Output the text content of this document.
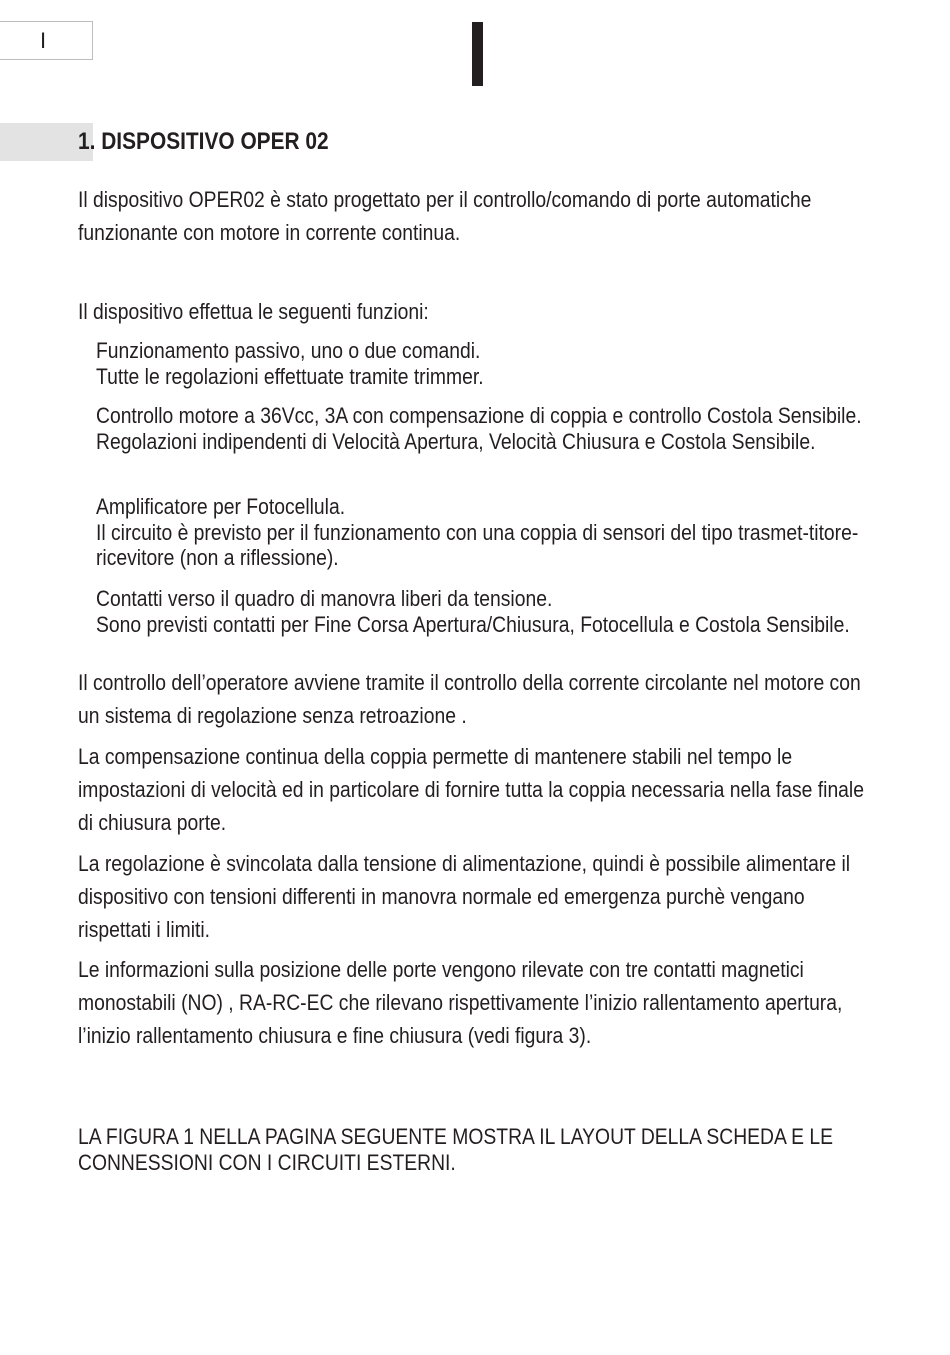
I
1. DISPOSITIVO OPER 02

Il dispositivo OPER02 è stato progettato per il controllo/comando di porte automatiche funzionante con motore in corrente continua.

Il dispositivo effettua le seguenti funzioni:

Funzionamento passivo, uno o due comandi.
Tutte le regolazioni effettuate tramite trimmer.
Controllo motore a 36Vcc, 3A con compensazione di coppia e controllo Costola Sensibile.
Regolazioni indipendenti di Velocità Apertura, Velocità Chiusura e Costola Sensibile.
Amplificatore per Fotocellula.
Il circuito è previsto per il funzionamento con una coppia di sensori del tipo trasmet-titore-ricevitore (non a riflessione).
Contatti verso il quadro di manovra liberi da tensione.
Sono previsti contatti per Fine Corsa Apertura/Chiusura, Fotocellula e Costola Sensibile.

Il controllo dell’operatore avviene tramite il controllo della corrente circolante nel motore con un sistema di regolazione senza retroazione .

La compensazione continua della coppia permette di mantenere stabili nel tempo le impostazioni di velocità ed in particolare di fornire tutta la coppia necessaria nella fase finale di chiusura porte.

La regolazione è svincolata dalla tensione di alimentazione, quindi è possibile alimentare il dispositivo con tensioni differenti in manovra normale ed emergenza purchè vengano rispettati i limiti.

Le informazioni sulla posizione delle porte vengono rilevate con tre contatti magnetici monostabili (NO) , RA-RC-EC che rilevano rispettivamente l’inizio rallentamento apertura, l’inizio rallentamento chiusura e fine chiusura (vedi figura 3).

LA FIGURA 1 NELLA PAGINA SEGUENTE MOSTRA IL LAYOUT DELLA SCHEDA E LE CONNESSIONI CON I CIRCUITI ESTERNI.
